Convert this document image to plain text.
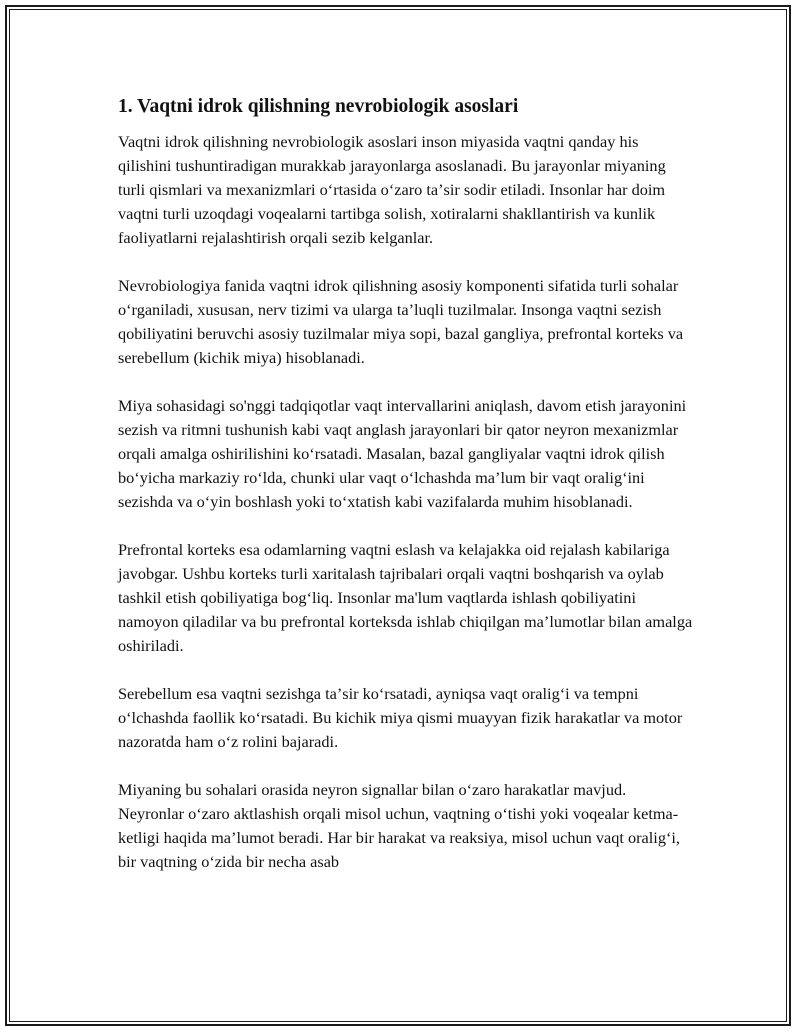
1. Vaqtni idrok qilishning nevrobiologik asoslari

Vaqtni idrok qilishning nevrobiologik asoslari inson miyasida vaqtni qanday his qilishini tushuntiradigan murakkab jarayonlarga asoslanadi. Bu jarayonlar miyaning turli qismlari va mexanizmlari oʻrtasida oʻzaro taʼsir sodir etiladi. Insonlar har doim vaqtni turli uzoqdagi voqealarni tartibga solish, xotiralarni shakllantirish va kunlik faoliyatlarni rejalashtirish orqali sezib kelganlar.

Nevrobiologiya fanida vaqtni idrok qilishning asosiy komponenti sifatida turli sohalar oʻrganiladi, xususan, nerv tizimi va ularga taʼluqli tuzilmalar. Insonga vaqtni sezish qobiliyatini beruvchi asosiy tuzilmalar miya sopi, bazal gangliya, prefrontal korteks va serebellum (kichik miya) hisoblanadi.

Miya sohasidagi so'nggi tadqiqotlar vaqt intervallarini aniqlash, davom etish jarayonini sezish va ritmni tushunish kabi vaqt anglash jarayonlari bir qator neyron mexanizmlar orqali amalga oshirilishini koʻrsatadi. Masalan, bazal gangliyalar vaqtni idrok qilish boʻyicha markaziy roʻlda, chunki ular vaqt oʻlchashda maʼlum bir vaqt oraligʻini sezishda va oʻyin boshlash yoki toʻxtatish kabi vazifalarda muhim hisoblanadi.

Prefrontal korteks esa odamlarning vaqtni eslash va kelajakka oid rejalash kabilariga javobgar. Ushbu korteks turli xaritalash tajribalari orqali vaqtni boshqarish va oylab tashkil etish qobiliyatiga bogʻliq. Insonlar ma'lum vaqtlarda ishlash qobiliyatini namoyon qiladilar va bu prefrontal korteksda ishlab chiqilgan maʼlumotlar bilan amalga oshiriladi.

Serebellum esa vaqtni sezishga taʼsir koʻrsatadi, ayniqsa vaqt oraligʻi va tempni oʻlchashda faollik koʻrsatadi. Bu kichik miya qismi muayyan fizik harakatlar va motor nazoratda ham oʻz rolini bajaradi.

Miyaning bu sohalari orasida neyron signallar bilan oʻzaro harakatlar mavjud. Neyronlar oʻzaro aktlashish orqali misol uchun, vaqtning oʻtishi yoki voqealar ketma-ketligi haqida maʼlumot beradi. Har bir harakat va reaksiya, misol uchun vaqt oraligʻi, bir vaqtning oʻzida bir necha asab
